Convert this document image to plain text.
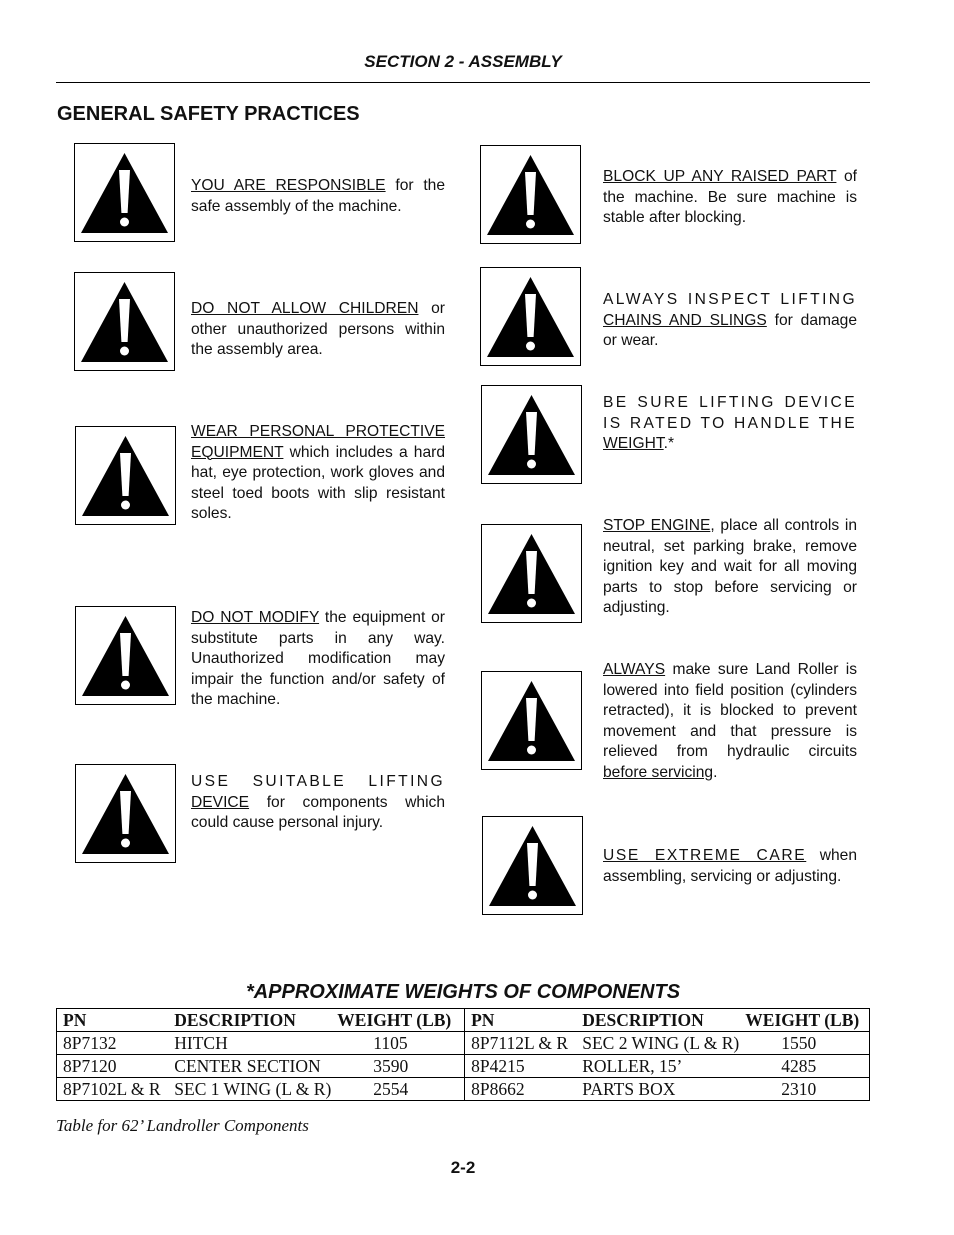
SECTION 2 - ASSEMBLY
GENERAL SAFETY PRACTICES
YOU ARE RESPONSIBLE for the safe assembly of the machine.
DO NOT ALLOW CHILDREN or other unauthorized persons within the assembly area.
WEAR PERSONAL PROTECTIVE EQUIPMENT which includes a hard hat, eye protection, work gloves and steel toed boots with slip resistant soles.
DO NOT MODIFY the equipment or substitute parts in any way. Unauthorized modification may impair the function and/or safety of the machine.
USE SUITABLE LIFTING DEVICE for components which could cause personal injury.
BLOCK UP ANY RAISED PART of the machine. Be sure machine is stable after blocking.
ALWAYS INSPECT LIFTING CHAINS AND SLINGS for damage or wear.
BE SURE LIFTING DEVICE IS RATED TO HANDLE THE WEIGHT.*
STOP ENGINE, place all controls in neutral, set parking brake, remove ignition key and wait for all moving parts to stop before servicing or adjusting.
ALWAYS make sure Land Roller is lowered into field position (cylinders retracted), it is blocked to prevent movement and that pressure is relieved from hydraulic circuits before servicing.
USE EXTREME CARE when assembling, servicing or adjusting.
*APPROXIMATE WEIGHTS OF COMPONENTS
PN	DESCRIPTION	WEIGHT (LB)	PN	DESCRIPTION	WEIGHT (LB)
8P7132	HITCH	1105	8P7112L & R	SEC 2 WING (L & R)	1550
8P7120	CENTER SECTION	3590	8P4215	ROLLER, 15’	4285
8P7102L & R	SEC 1 WING (L & R)	2554	8P8662	PARTS BOX	2310
Table for 62’ Landroller Components
2-2
